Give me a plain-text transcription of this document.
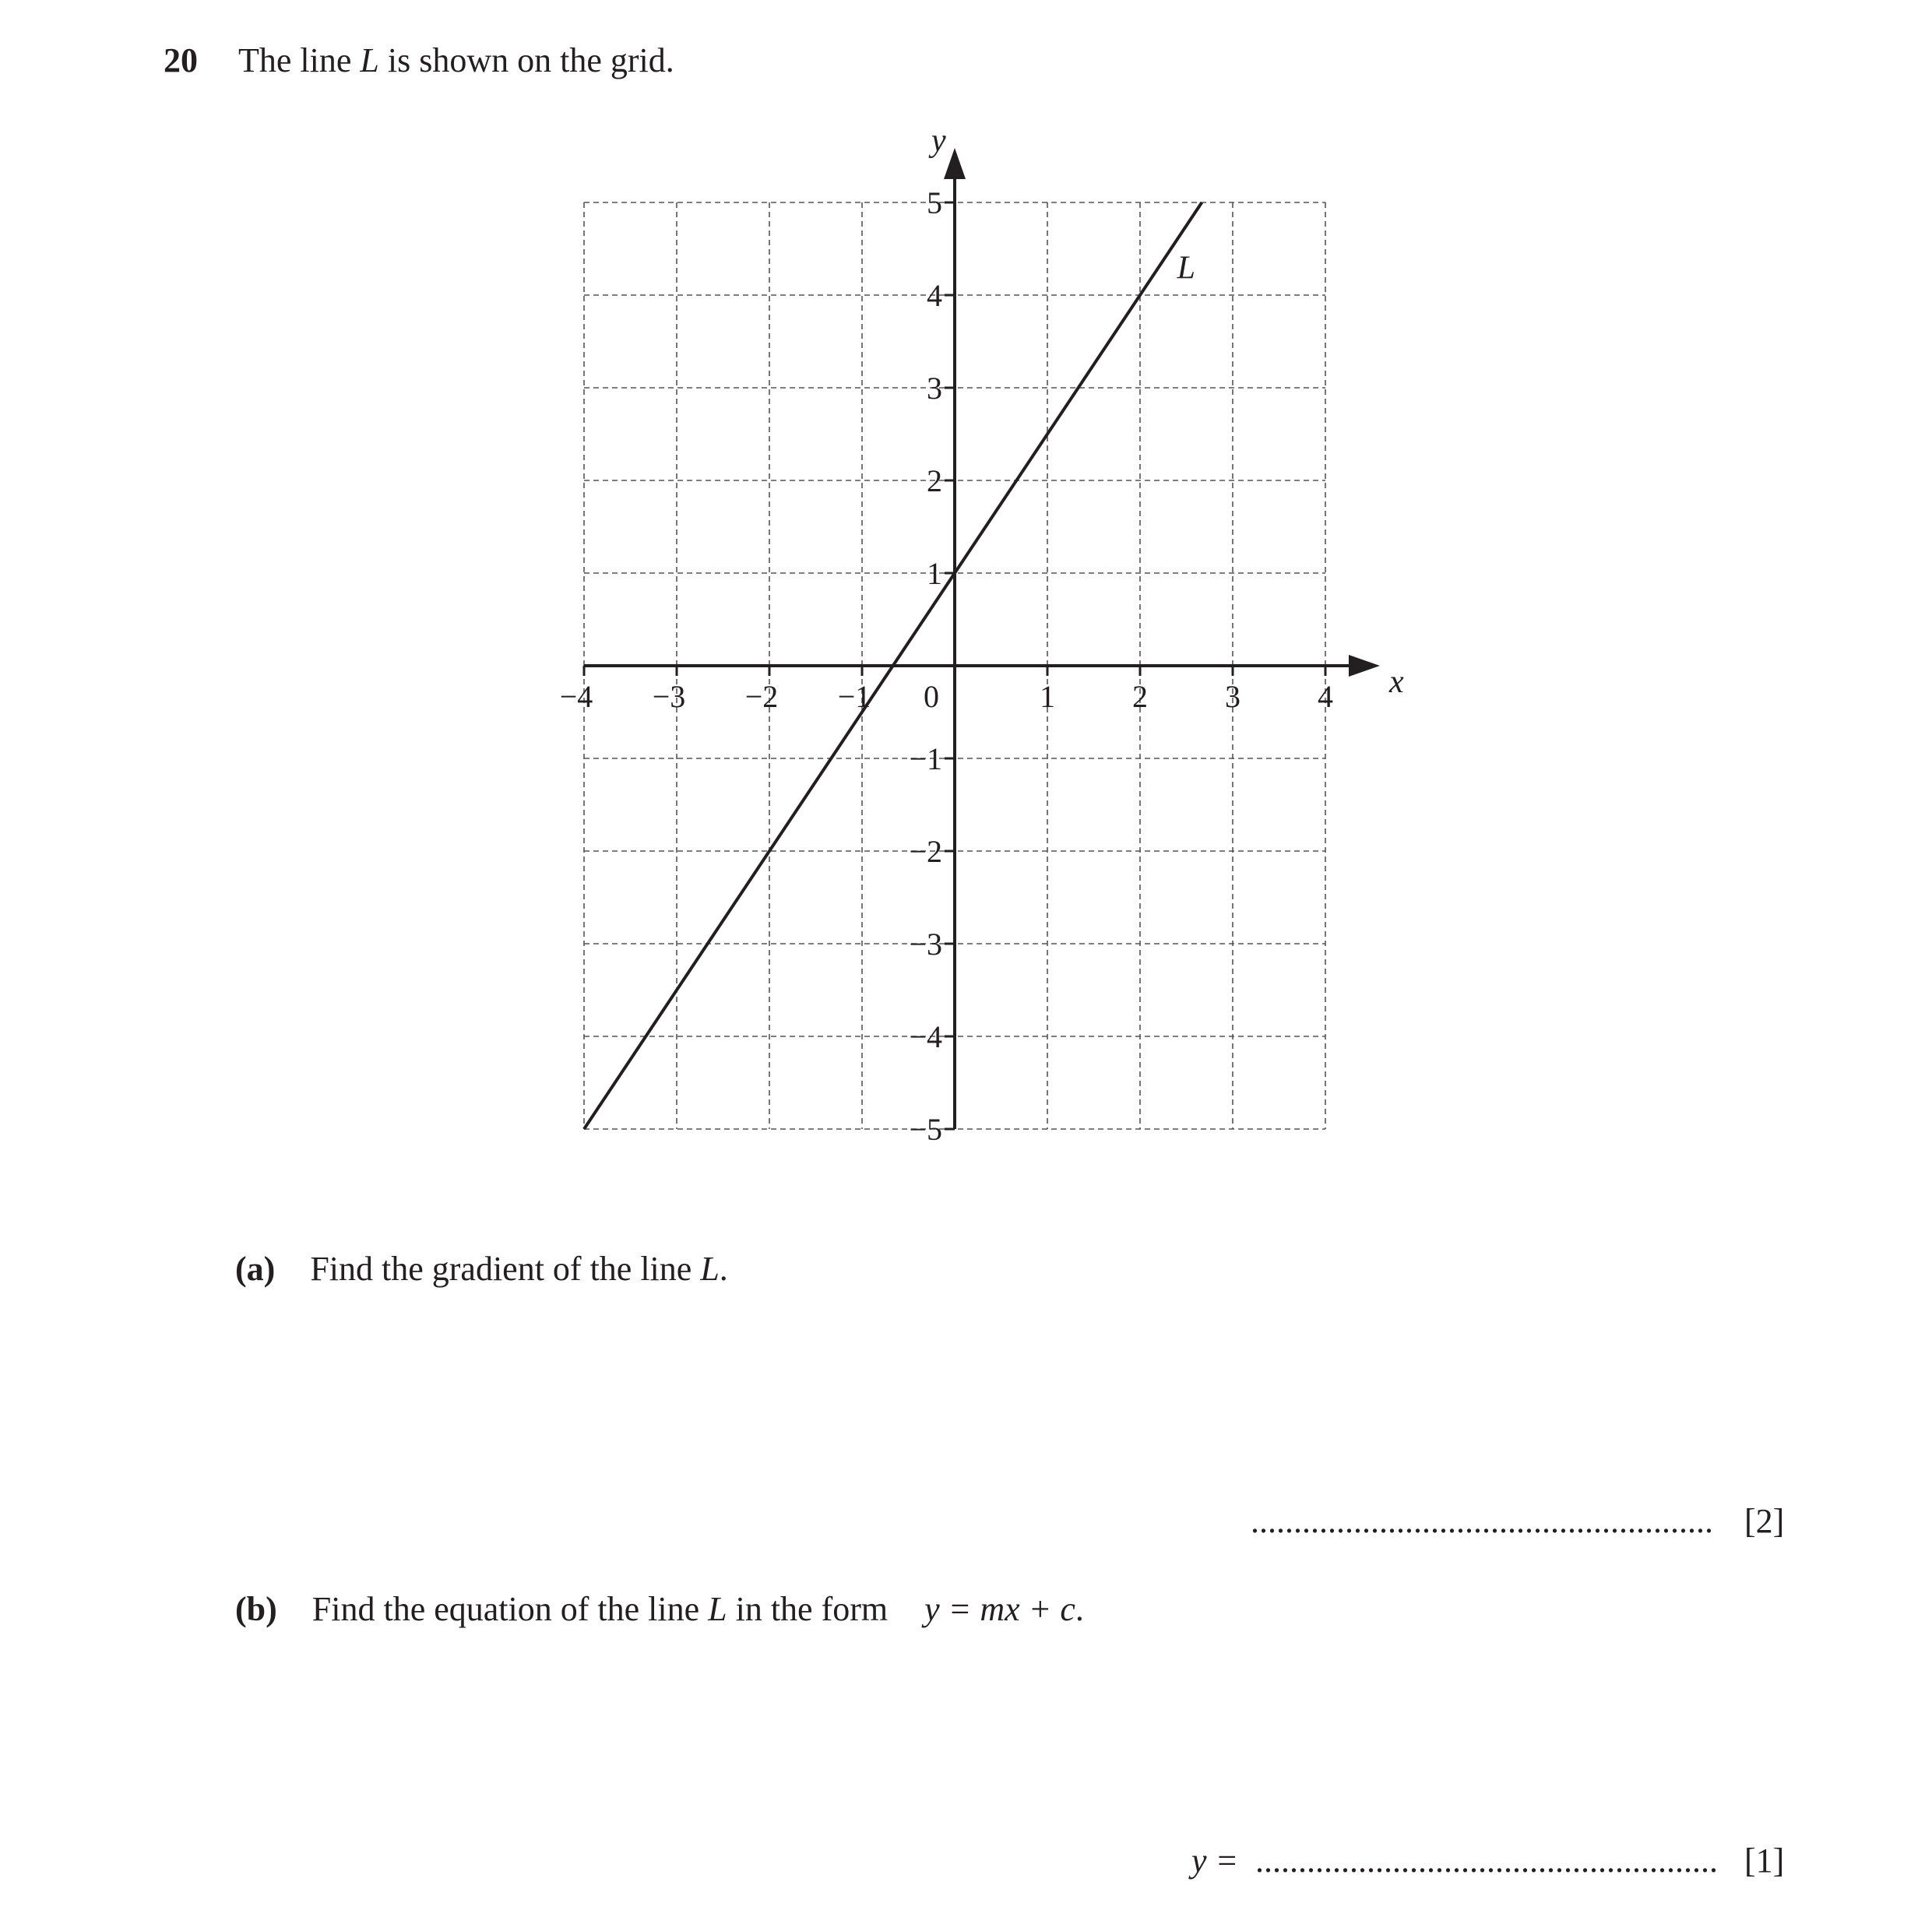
20 The line L is shown on the grid.
x
y
−4 −3 −2 −1 0	1 2 3 4
−5
−4
−3
−2
−1
1
2
3
4
5
L
(a) Find the gradient of the line L.
...................................................... [2]
(b) Find the equation of the line L in the form y = mx + c.
y = ...................................................... [1]
